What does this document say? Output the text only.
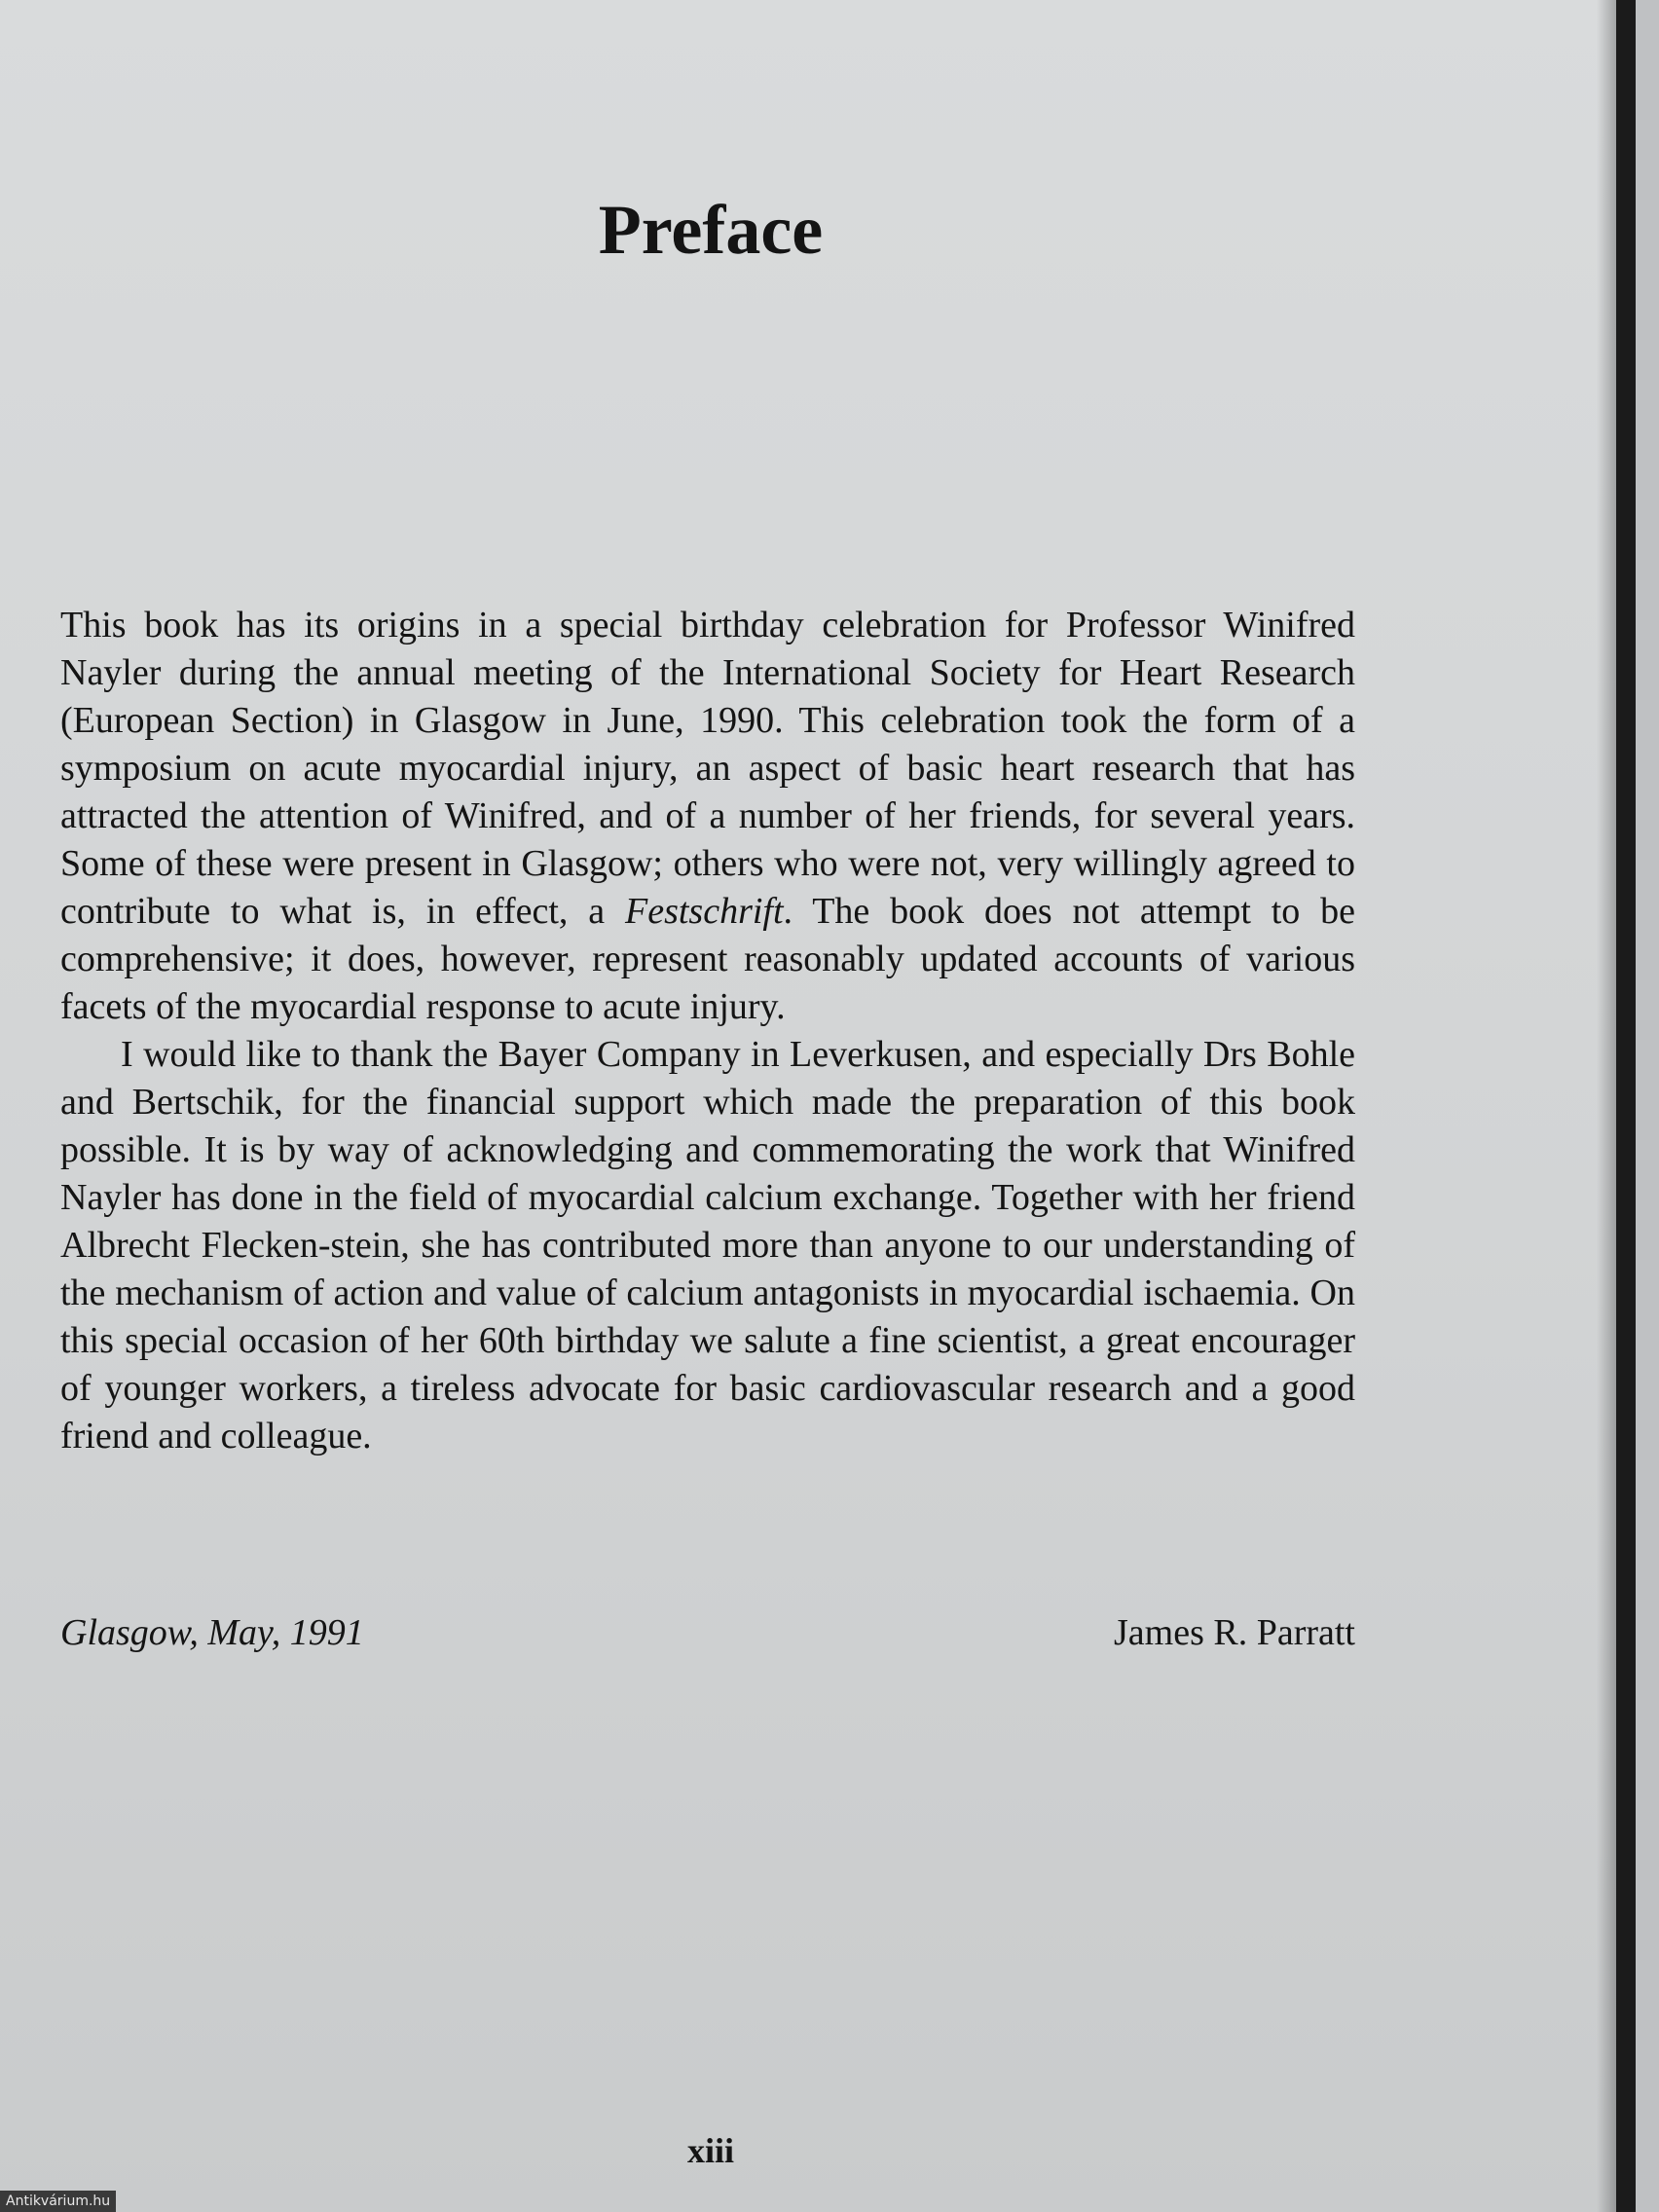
Preface

This book has its origins in a special birthday celebration for Professor Winifred Nayler during the annual meeting of the International Society for Heart Research (European Section) in Glasgow in June, 1990. This celebration took the form of a symposium on acute myocardial injury, an aspect of basic heart research that has attracted the attention of Winifred, and of a number of her friends, for several years. Some of these were present in Glasgow; others who were not, very willingly agreed to contribute to what is, in effect, a Festschrift. The book does not attempt to be comprehensive; it does, however, represent reasonably updated accounts of various facets of the myocardial response to acute injury.

I would like to thank the Bayer Company in Leverkusen, and especially Drs Bohle and Bertschik, for the financial support which made the preparation of this book possible. It is by way of acknowledging and commemorating the work that Winifred Nayler has done in the field of myocardial calcium exchange. Together with her friend Albrecht Flecken-stein, she has contributed more than anyone to our understanding of the mechanism of action and value of calcium antagonists in myocardial ischaemia. On this special occasion of her 60th birthday we salute a fine scientist, a great encourager of younger workers, a tireless advocate for basic cardiovascular research and a good friend and colleague.

Glasgow, May, 1991	James R. Parratt
xiii
Antikvárium.hu
